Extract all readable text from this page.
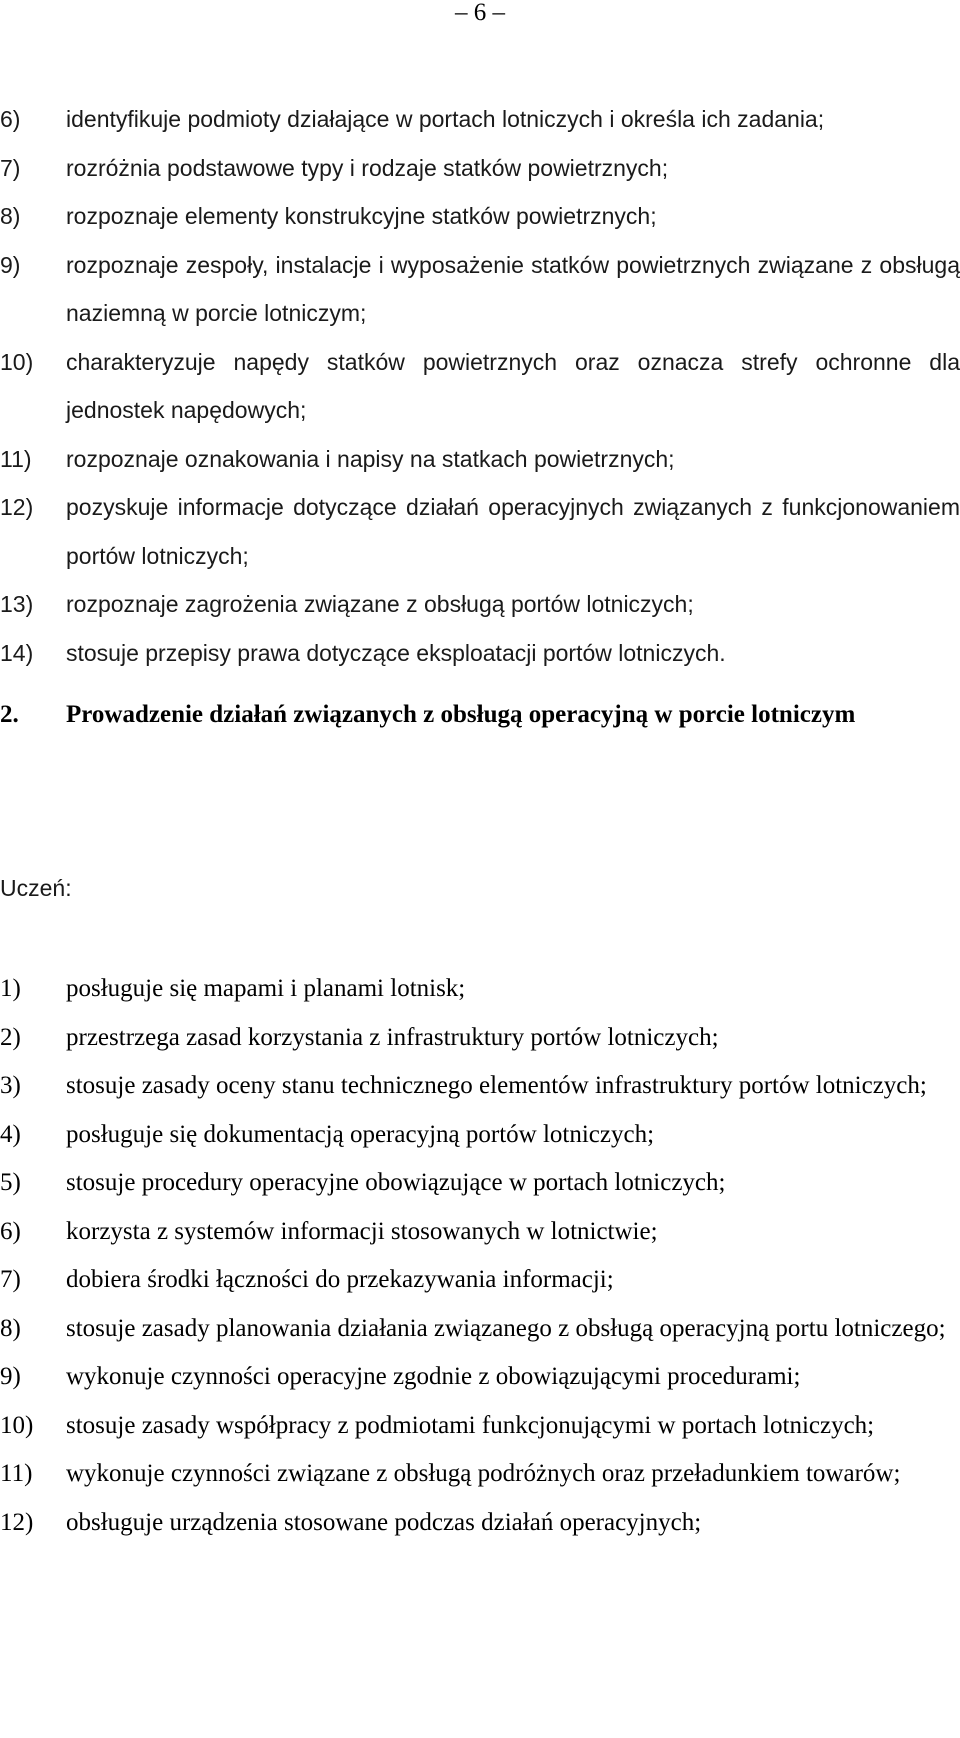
– 6 –
6) identyfikuje podmioty działające w portach lotniczych i określa ich zadania;
7) rozróżnia podstawowe typy i rodzaje statków powietrznych;
8) rozpoznaje elementy konstrukcyjne statków powietrznych;
9) rozpoznaje zespoły, instalacje i wyposażenie statków powietrznych związane z obsługą naziemną w porcie lotniczym;
10) charakteryzuje napędy statków powietrznych oraz oznacza strefy ochronne dla jednostek napędowych;
11) rozpoznaje oznakowania i napisy na statkach powietrznych;
12) pozyskuje informacje dotyczące działań operacyjnych związanych z funkcjonowaniem portów lotniczych;
13) rozpoznaje zagrożenia związane z obsługą portów lotniczych;
14) stosuje przepisy prawa dotyczące eksploatacji portów lotniczych.
2. Prowadzenie działań związanych z obsługą operacyjną w porcie lotniczym
Uczeń:
1) posługuje się mapami i planami lotnisk;
2) przestrzega zasad korzystania z infrastruktury portów lotniczych;
3) stosuje zasady oceny stanu technicznego elementów infrastruktury portów lotniczych;
4) posługuje się dokumentacją operacyjną portów lotniczych;
5) stosuje procedury operacyjne obowiązujące w portach lotniczych;
6) korzysta z systemów informacji stosowanych w lotnictwie;
7) dobiera środki łączności do przekazywania informacji;
8) stosuje zasady planowania działania związanego z obsługą operacyjną portu lotniczego;
9) wykonuje czynności operacyjne zgodnie z obowiązującymi procedurami;
10) stosuje zasady współpracy z podmiotami funkcjonującymi w portach lotniczych;
11) wykonuje czynności związane z obsługą podróżnych oraz przeładunkiem towarów;
12) obsługuje urządzenia stosowane podczas działań operacyjnych;
